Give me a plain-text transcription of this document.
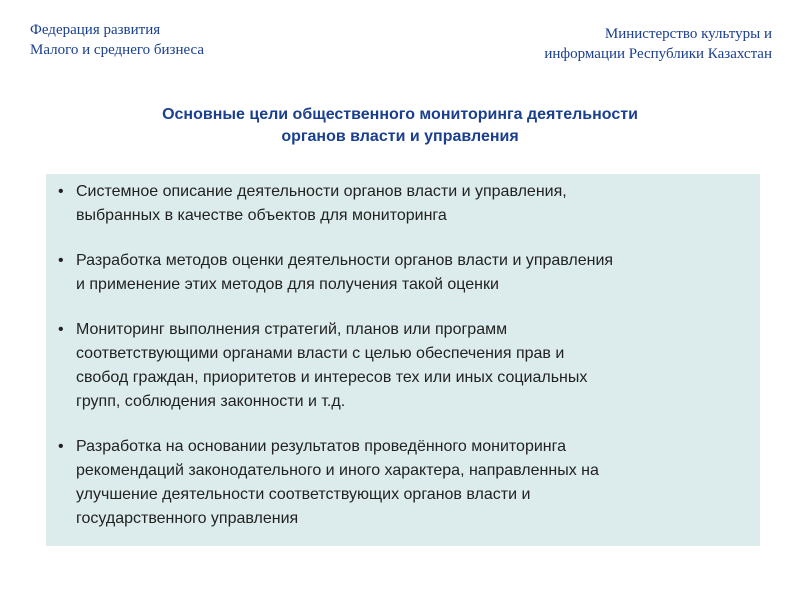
Федерация развития
Малого и среднего бизнеса
Министерство культуры и
информации Республики Казахстан
Основные цели общественного мониторинга деятельности
органов власти и управления
• Системное описание деятельности органов власти и управления,
выбранных в качестве объектов для мониторинга
• Разработка методов оценки деятельности органов власти и управления
и применение этих методов для получения такой оценки
• Мониторинг выполнения стратегий, планов или программ
соответствующими органами власти с целью обеспечения прав и
свобод граждан, приоритетов и интересов тех или иных социальных
групп, соблюдения законности и т.д.
• Разработка на основании результатов проведённого мониторинга
рекомендаций законодательного и иного характера, направленных на
улучшение деятельности соответствующих органов власти и
государственного управления
